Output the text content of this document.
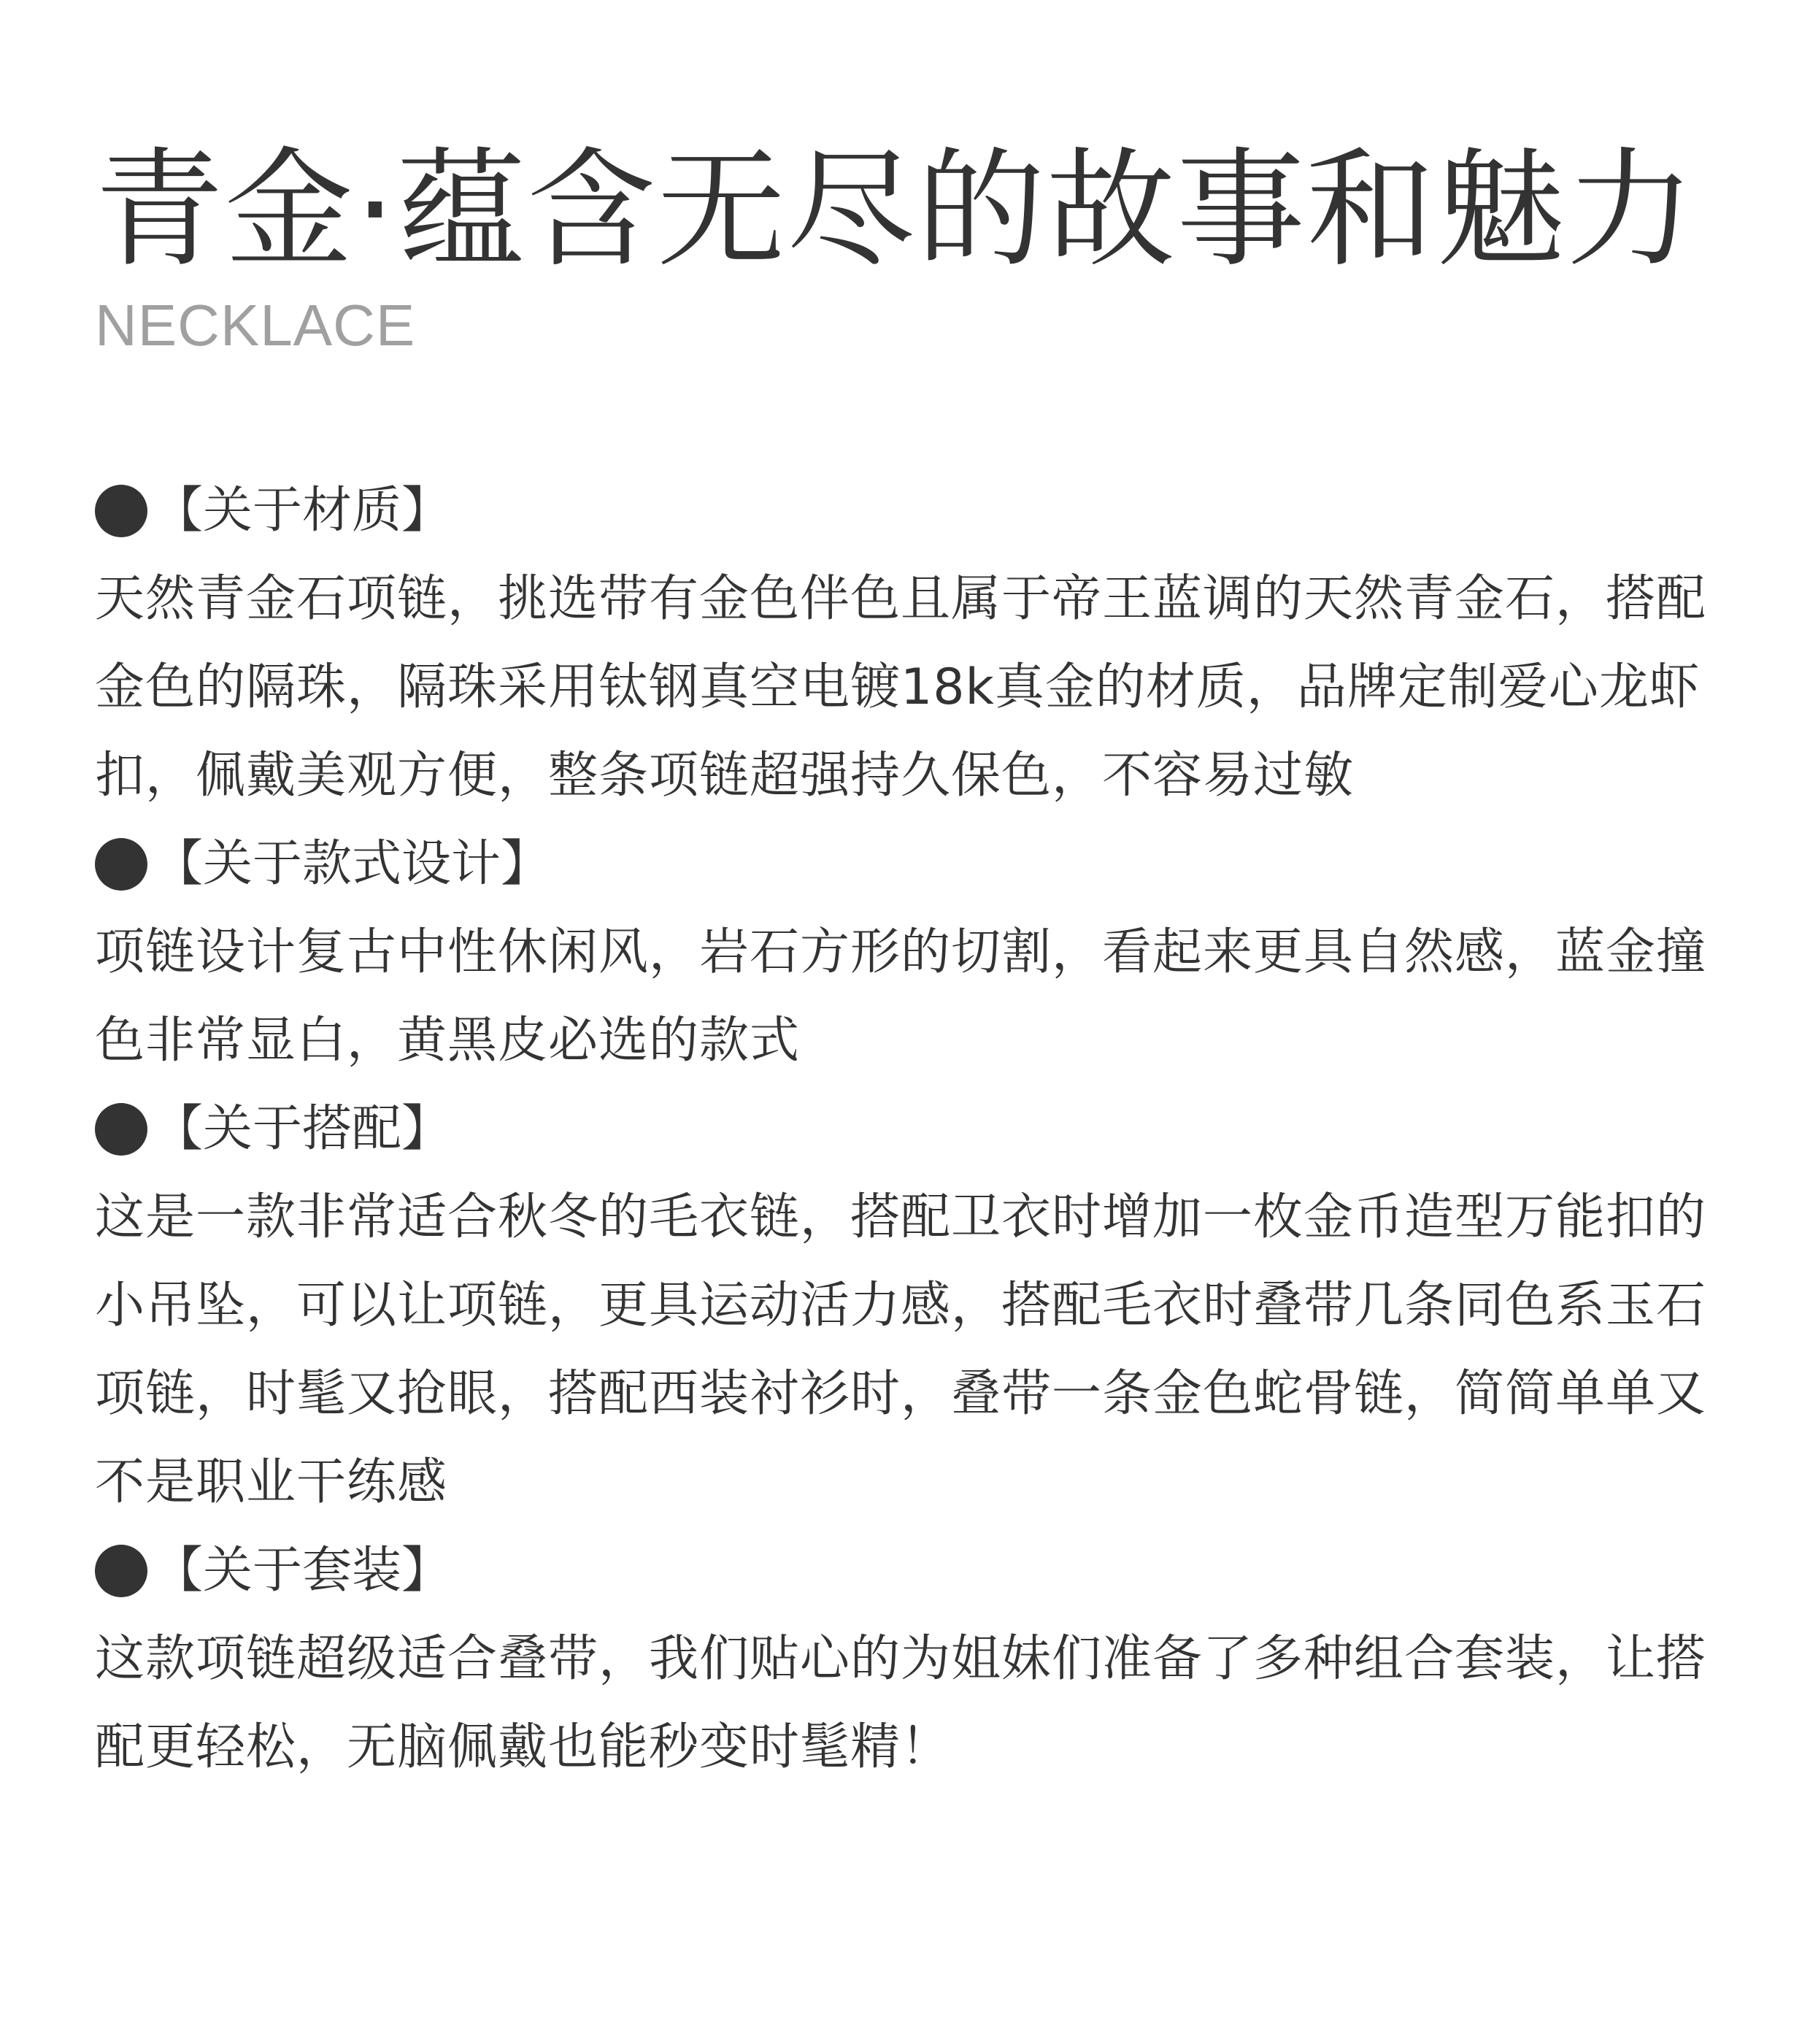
青金·蕴含无尽的故事和魅力
NECKLACE
【关于材质】

天然青金石项链，挑选带有金色伴色且属于帝王蓝调的天然青金石，搭配金色的隔珠，隔珠采用钛钢真空电镀18k真金的材质，品牌定制爱心龙虾扣，佩戴美观方便，整条项链超强持久保色，不容易过敏

【关于款式设计】

项链设计复古中性休闲风，岩石方形的切割，看起来更具自然感，蓝金撞色非常显白，黄黑皮必选的款式

【关于搭配】

这是一款非常适合秋冬的毛衣链，搭配卫衣时增加一枚金币造型万能扣的小吊坠，可以让项链，更具运动活力感，搭配毛衣时叠带几条同色系玉石项链，时髦又抢眼，搭配西装衬衫时，叠带一条金色蛇骨链，简简单单又不是职业干练感

【关于套装】

这款项链超级适合叠带，我们贴心的为姐妹们准备了多种组合套装，让搭配更轻松，无脑佩戴也能秒变时髦精！
